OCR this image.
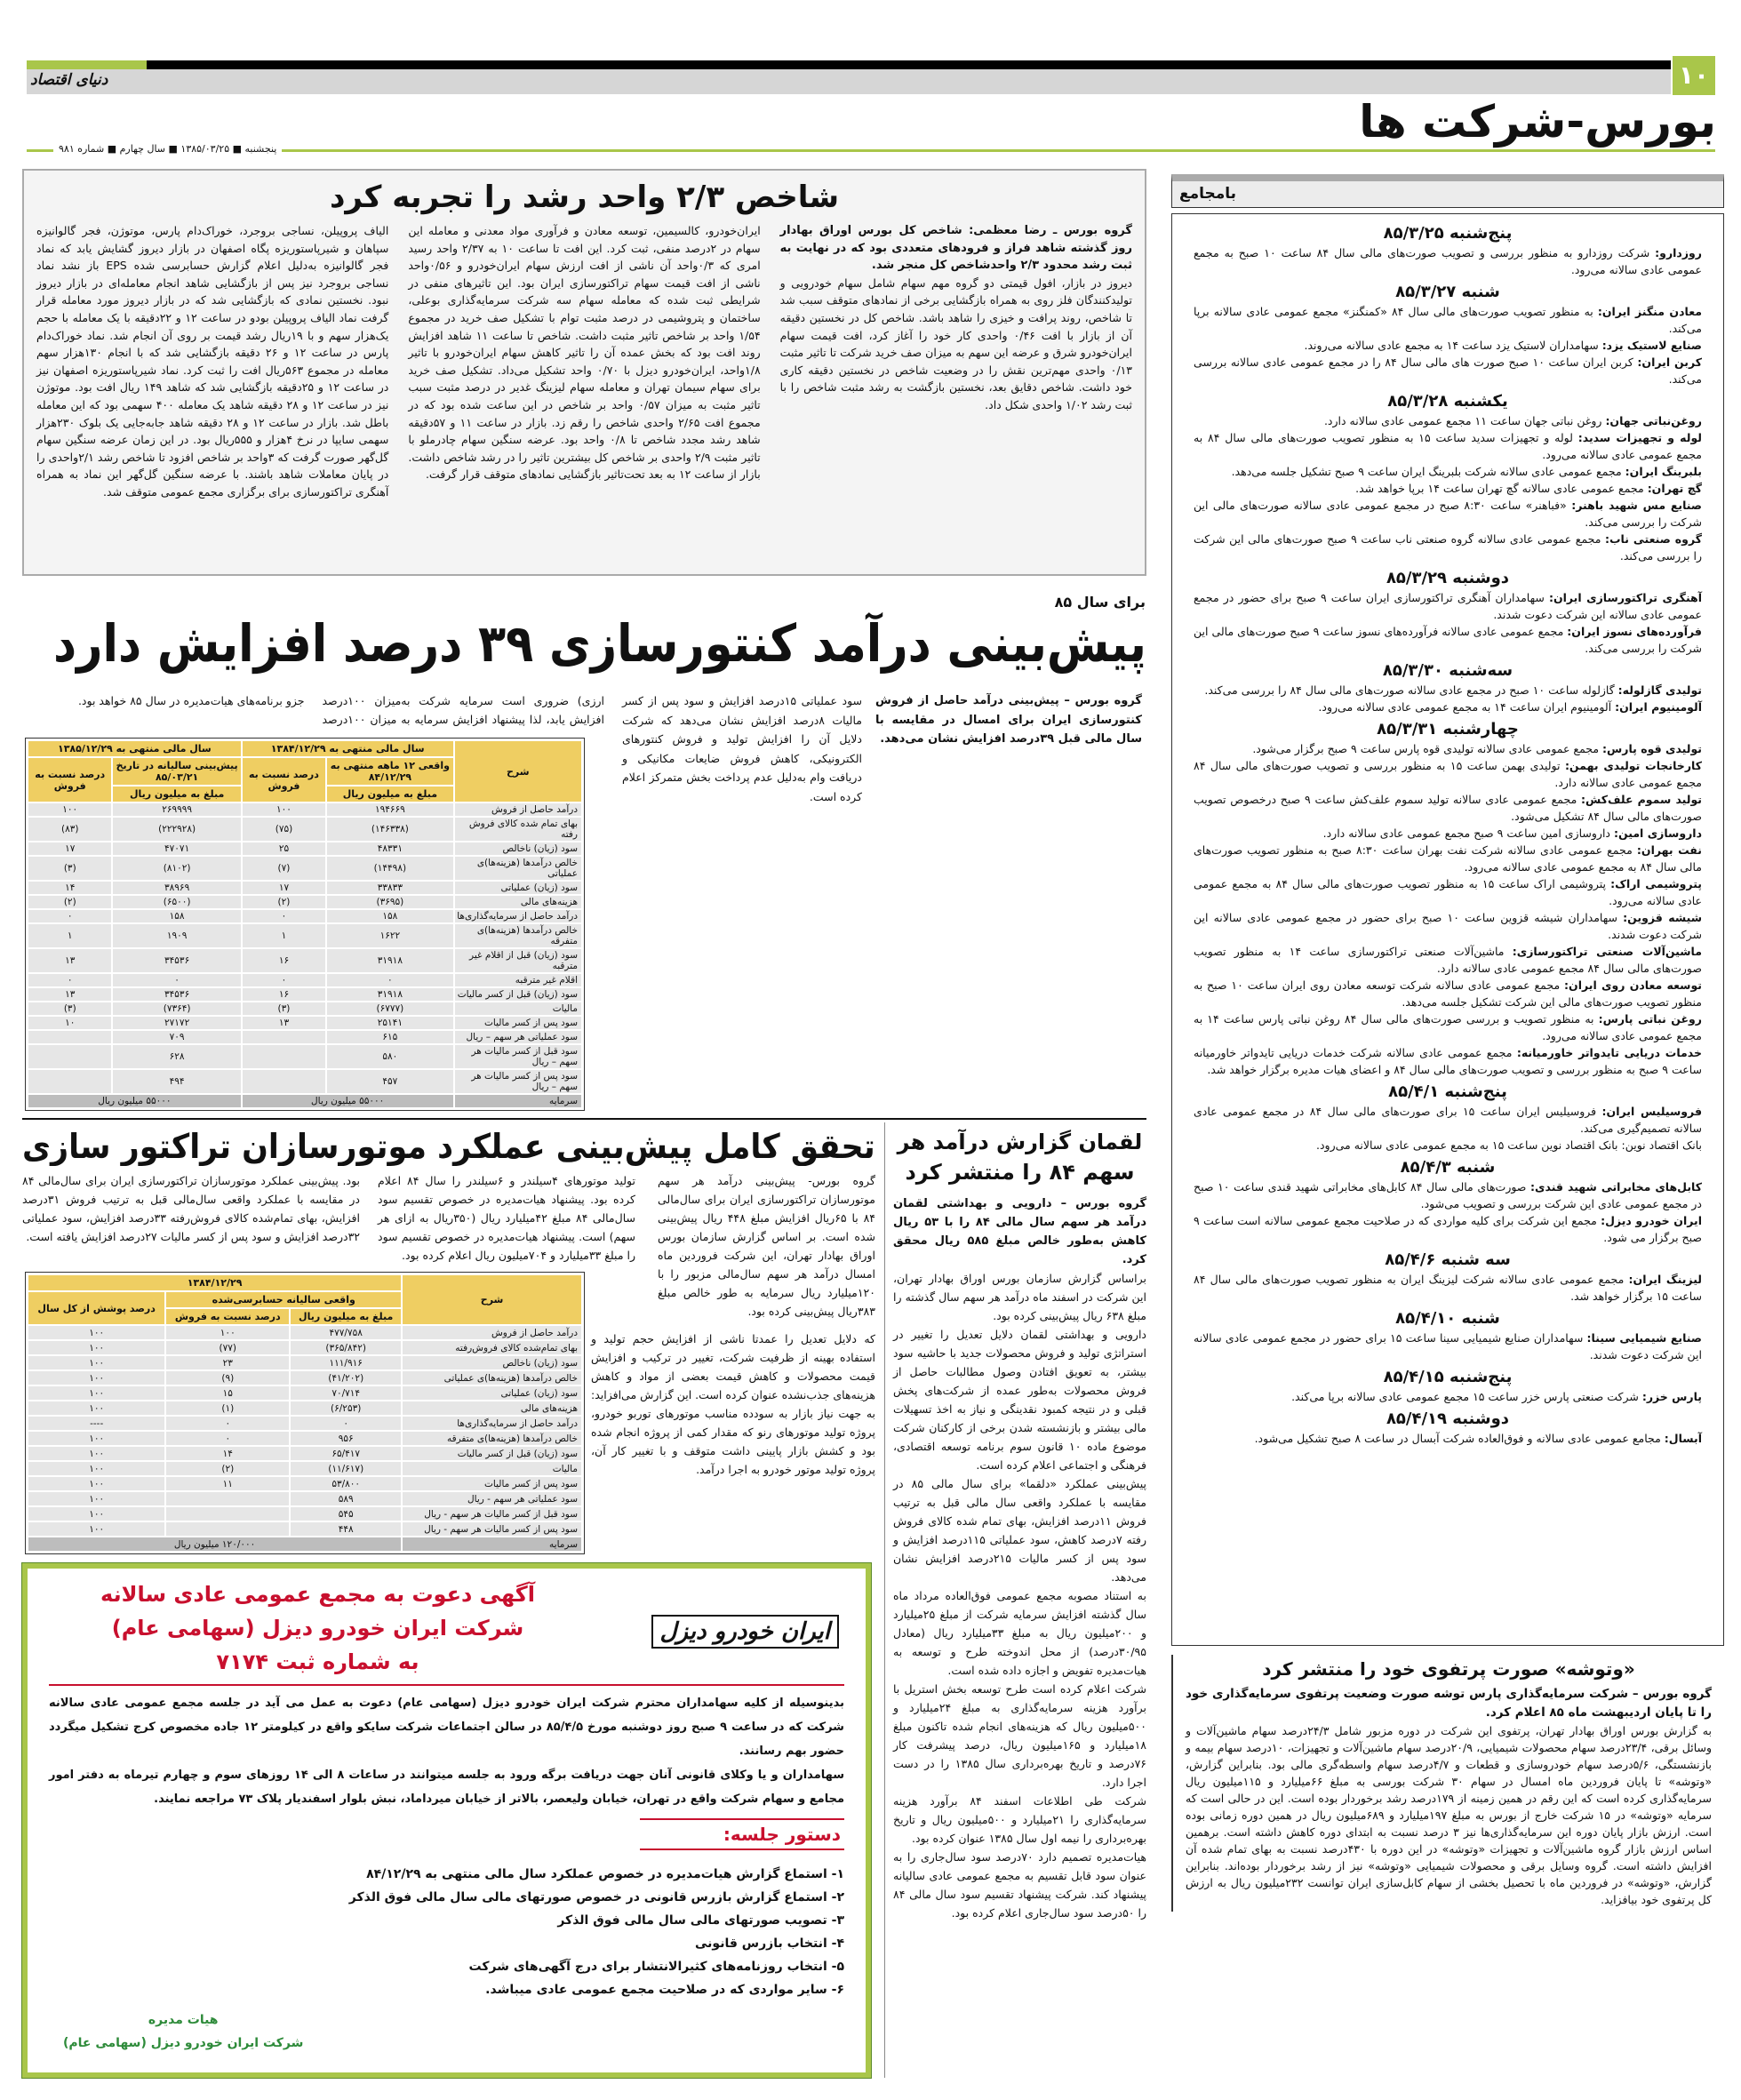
دنیای اقتصاد	۱۰
بورس-شرکت ها
پنجشنبه ■ ۱۳۸۵/۰۳/۲۵ ■ سال چهارم ■ شماره ۹۸۱
بامجامع
پنج‌شنبه ۸۵/۳/۲۵

روزدارو: شرکت روزدارو به منظور بررسی و تصویب صورت‌های مالی سال ۸۴ ساعت ۱۰ صبح به مجمع عمومی عادی سالانه می‌رود.

شنبه ۸۵/۳/۲۷

معادن منگنز ایران: به منظور تصویب صورت‌های مالی سال ۸۴ «کمنگنز» مجمع عمومی عادی سالانه برپا می‌کند.

صنایع لاستیک یزد: سهامداران لاستیک یزد ساعت ۱۴ به مجمع عادی سالانه می‌روند.

کربن ایران: کربن ایران ساعت ۱۰ صبح صورت های مالی سال ۸۴ را در مجمع عمومی عادی سالانه بررسی می‌کند.

یکشنبه ۸۵/۳/۲۸

روغن‌نباتی جهان: روغن نباتی جهان ساعت ۱۱ مجمع عمومی عادی سالانه دارد.

لوله و تجهیزات سدید: لوله و تجهیزات سدید ساعت ۱۵ به منظور تصویب صورت‌های مالی سال ۸۴ به مجمع عمومی عادی سالانه می‌رود.

بلبرینگ ایران: مجمع عمومی عادی سالانه شرکت بلبرینگ ایران ساعت ۹ صبح تشکیل جلسه می‌دهد.

گچ تهران: مجمع عمومی عادی سالانه گچ تهران ساعت ۱۴ برپا خواهد شد.

صنایع مس شهید باهنر: «فباهنر» ساعت ۸:۳۰ صبح در مجمع عمومی عادی سالانه صورت‌های مالی این شرکت را بررسی می‌کند.

گروه صنعتی ناب: مجمع عمومی عادی سالانه گروه صنعتی ناب ساعت ۹ صبح صورت‌های مالی این شرکت را بررسی می‌کند.

دوشنبه ۸۵/۳/۲۹

آهنگری تراکتورسازی ایران: سهامداران آهنگری تراکتورسازی ایران ساعت ۹ صبح برای حضور در مجمع عمومی عادی سالانه این شرکت دعوت شدند.

فرآورده‌های نسوز ایران: مجمع عمومی عادی سالانه فرآورده‌های نسوز ساعت ۹ صبح صورت‌های مالی این شرکت را بررسی می‌کند.

سه‌شنبه ۸۵/۳/۳۰

تولیدی گازلوله: گازلوله ساعت ۱۰ صبح در مجمع عادی سالانه صورت‌های مالی سال ۸۴ را بررسی می‌کند.

آلومینیوم ایران: آلومینیوم ایران ساعت ۱۴ به مجمع عمومی عادی سالانه می‌رود.

چهارشنبه ۸۵/۳/۳۱

تولیدی قوه پارس: مجمع عمومی عادی سالانه تولیدی قوه پارس ساعت ۹ صبح برگزار می‌شود.

کارخانجات تولیدی بهمن: تولیدی بهمن ساعت ۱۵ به منظور بررسی و تصویب صورت‌های مالی سال ۸۴ مجمع عمومی عادی سالانه دارد.

تولید سموم علف‌کش: مجمع عمومی عادی سالانه تولید سموم علف‌کش ساعت ۹ صبح درخصوص تصویب صورت‌های مالی سال ۸۴ تشکیل می‌شود.

داروسازی امین: داروسازی امین ساعت ۹ صبح مجمع عمومی عادی سالانه دارد.

نفت بهران: مجمع عمومی عادی سالانه شرکت نفت بهران ساعت ۸:۳۰ صبح به منظور تصویب صورت‌های مالی سال ۸۴ به مجمع عمومی عادی سالانه می‌رود.

پتروشیمی اراک: پتروشیمی اراک ساعت ۱۵ به منظور تصویب صورت‌های مالی سال ۸۴ به مجمع عمومی عادی سالانه می‌رود.

شیشه قزوین: سهامداران شیشه قزوین ساعت ۱۰ صبح برای حضور در مجمع عمومی عادی سالانه این شرکت دعوت شدند.

ماشین‌آلات صنعتی تراکتورسازی: ماشین‌آلات صنعتی تراکتورسازی ساعت ۱۴ به منظور تصویب صورت‌های مالی سال ۸۴ مجمع عمومی عادی سالانه دارد.

توسعه معادن روی ایران: مجمع عمومی عادی سالانه شرکت توسعه معادن روی ایران ساعت ۱۰ صبح به منظور تصویب صورت‌های مالی این شرکت تشکیل جلسه می‌دهد.

روغن نباتی پارس: به منظور تصویب و بررسی صورت‌های مالی سال ۸۴ روغن نباتی پارس ساعت ۱۴ به مجمع عمومی عادی سالانه می‌رود.

خدمات دریایی تایدواتر خاورمیانه: مجمع عمومی عادی سالانه شرکت خدمات دریایی تایدواتر خاورمیانه ساعت ۹ صبح به منظور بررسی و تصویب صورت‌های مالی سال ۸۴ و اعضای هیات مدیره برگزار خواهد شد.

پنج‌شنبه ۸۵/۴/۱

فروسیلیس ایران: فروسیلیس ایران ساعت ۱۵ برای صورت‌های مالی سال ۸۴ در مجمع عمومی عادی سالانه تصمیم‌گیری می‌کند.

بانک اقتصاد نوین: بانک اقتصاد نوین ساعت ۱۵ به مجمع عمومی عادی سالانه می‌رود.

شنبه ۸۵/۴/۳

کابل‌های مخابراتی شهید قندی: صورت‌های مالی سال ۸۴ کابل‌های مخابراتی شهید قندی ساعت ۱۰ صبح در مجمع عمومی عادی این شرکت بررسی و تصویب می‌شود.

ایران خودرو دیزل: مجمع این شرکت برای کلیه مواردی که در صلاحیت مجمع عمومی سالانه است ساعت ۹ صبح برگزار می شود.

سه شنبه ۸۵/۴/۶

لیزینگ ایران: مجمع عمومی عادی سالانه شرکت لیزینگ ایران به منظور تصویب صورت‌های مالی سال ۸۴ ساعت ۱۵ برگزار خواهد شد.

شنبه ۸۵/۴/۱۰

صنایع شیمیایی سینا: سهامداران صنایع شیمیایی سینا ساعت ۱۵ برای حضور در مجمع عمومی عادی سالانه این شرکت دعوت شدند.

پنج‌شنبه ۸۵/۴/۱۵

پارس خزر: شرکت صنعتی پارس خزر ساعت ۱۵ مجمع عمومی عادی سالانه برپا می‌کند.

دوشنبه ۸۵/۴/۱۹

آبسال: مجامع عمومی عادی سالانه و فوق‌العاده شرکت آبسال در ساعت ۸ صبح تشکیل می‌شود.

«وتوشه» صورت پرتفوی خود را منتشر کرد

گروه بورس – شرکت سرمایه‌گذاری پارس توشه صورت وضعیت پرتفوی سرمایه‌گذاری خود را تا پایان اردیبهشت ماه ۸۵ اعلام کرد.

به گزارش بورس اوراق بهادار تهران، پرتفوی این شرکت در دوره مزبور شامل ۲۴/۳درصد سهام ماشین‌آلات و وسائل برقی، ۲۳/۴درصد سهام محصولات شیمیایی، ۲۰/۹درصد سهام ماشین‌آلات و تجهیزات، ۱۰درصد سهام بیمه و بازنشستگی، ۵/۶درصد سهام خودروسازی و قطعات و ۴/۷درصد سهام واسطه‌گری مالی بود. بنابراین گزارش، «وتوشه» تا پایان فروردین ماه امسال در سهام ۳۰ شرکت بورسی به مبلغ ۶۶میلیارد و ۱۱۵میلیون ریال سرمایه‌گذاری کرده است که این رقم در همین زمینه از ۱۷۹درصد رشد برخوردار بوده است. این در حالی است که سرمایه «وتوشه» در ۱۵ شرکت خارج از بورس به مبلغ ۱۹۷میلیارد و ۶۸۹میلیون ریال در همین دوره زمانی بوده است. ارزش بازار پایان دوره این سرمایه‌گذاری‌ها نیز ۳ درصد نسبت به ابتدای دوره کاهش داشته است. برهمین اساس ارزش بازار گروه ماشین‌آلات و تجهیزات «وتوشه» در این دوره با ۴۳۰درصد نسبت به بهای تمام شده آن افزایش داشته است. گروه وسایل برقی و محصولات شیمیایی «وتوشه» نیز از رشد برخوردار بوده‌اند. بنابراین گزارش، «وتوشه» در فروردین ماه با تحصیل بخشی از سهام کابل‌سازی ایران توانست ۲۳۲میلیون ریال به ارزش کل پرتفوی خود بیافزاید.

شاخص ۲/۳ واحد رشد را تجربه کرد

گروه بورس ـ رضا معظمی: شاخص کل بورس اوراق بهادار روز گذشته شاهد فراز و فرودهای متعددی بود که در نهایت به ثبت رشد محدود ۲/۳ واحدشاخص کل منجر شد.

دیروز در بازار، افول قیمتی دو گروه مهم سهام شامل سهام خودرویی و تولیدکنندگان فلز روی به همراه بازگشایی برخی از نمادهای متوقف سبب شد تا شاخص، روند پرافت و خیزی را شاهد باشد. شاخص کل در نخستین دقیقه آن از بازار با افت ۰/۴۶ واحدی کار خود را آغاز کرد، افت قیمت سهام ایران‌خودرو شرق و عرضه این سهم به میزان صف خرید شرکت تا تاثیر مثبت ۰/۱۳ واحدی مهم‌ترین نقش را در وضعیت شاخص در نخستین دقیقه کاری خود داشت. شاخص دقایق بعد، نخستین بازگشت به رشد مثبت شاخص را با ثبت رشد ۱/۰۲ واحدی شکل داد.

ایران‌خودرو، کالسیمین، توسعه معادن و فرآوری مواد معدنی و معامله این سهام در ۲درصد منفی، ثبت کرد. این افت تا ساعت ۱۰ به ۲/۳۷ واحد رسید امری که ۰/۳واحد آن ناشی از افت ارزش سهام ایران‌خودرو و ۰/۵۶واحد ناشی از افت قیمت سهام تراکتورسازی ایران بود. این تاثیرهای منفی در شرایطی ثبت شده که معامله سهام سه شرکت سرمایه‌گذاری بوعلی، ساختمان و پتروشیمی در درصد مثبت توام با تشکیل صف خرید در مجموع ۱/۵۴ واحد بر شاخص تاثیر مثبت داشت. شاخص تا ساعت ۱۱ شاهد افزایش روند افت بود که بخش عمده آن را تاثیر کاهش سهام ایران‌خودرو با تاثیر ۱/۸واحد، ایران‌خودرو دیزل با ۰/۷۰ واحد تشکیل می‌داد. تشکیل صف خرید برای سهام سیمان تهران و معامله سهام لیزینگ غدیر در درصد مثبت سبب تاثیر مثبت به میزان ۰/۵۷ واحد بر شاخص در این ساعت شده بود که در مجموع افت ۲/۶۵ واحدی شاخص را رقم زد. بازار در ساعت ۱۱ و ۵۷دقیقه شاهد رشد مجدد شاخص تا ۰/۸ واحد بود. عرضه سنگین سهام چادرملو با تاثیر مثبت ۲/۹ واحدی بر شاخص کل بیشترین تاثیر را در رشد شاخص داشت. بازار از ساعت ۱۲ به بعد تحت‌تاثیر بازگشایی نمادهای متوقف قرار گرفت.

الیاف پروپیلن، نساجی بروجرد، خوراک‌دام پارس، موتوژن، فجر گالوانیزه سپاهان و شیرپاستوریزه پگاه اصفهان در بازار دیروز گشایش یابد که نماد فجر گالوانیزه به‌دلیل اعلام گزارش حسابرسی شده EPS باز نشد نماد نساجی بروجرد نیز پس از بازگشایی شاهد انجام معامله‌ای در بازار دیروز نبود. نخستین نمادی که بازگشایی شد که در بازار دیروز مورد معامله قرار گرفت نماد الیاف پروپیلن بودو در ساعت ۱۲ و ۲۲دقیقه با یک معامله با حجم یک‌هزار سهم و با ۱۹ریال رشد قیمت بر روی آن انجام شد. نماد خوراک‌دام پارس در ساعت ۱۲ و ۲۶ دقیقه بازگشایی شد که با انجام ۱۳۰هزار سهم معامله در مجموع ۵۶۳ریال افت را ثبت کرد. نماد شیرپاستوریزه اصفهان نیز در ساعت ۱۲ و ۲۵دقیقه بازگشایی شد که شاهد ۱۴۹ ریال افت بود. موتوژن نیز در ساعت ۱۲ و ۲۸ دقیقه شاهد یک معامله ۴۰۰ سهمی بود که این معامله باطل شد. بازار در ساعت ۱۲ و ۲۸ دقیقه شاهد جابه‌جایی یک بلوک ۲۳۰هزار سهمی سایپا در نرخ ۴هزار و ۵۵۵ریال بود. در این زمان عرضه سنگین سهام گل‌گهر صورت گرفت که ۳واحد بر شاخص افزود تا شاخص رشد ۲/۱واحدی را در پایان معاملات شاهد باشند. با عرضه سنگین گل‌گهر این نماد به همراه آهنگری تراکتورسازی برای برگزاری مجمع عمومی متوقف شد.

برای سال ۸۵
پیش‌بینی درآمد کنتورسازی ۳۹ درصد افزایش دارد
گروه بورس – پیش‌بینی درآمد حاصل از فروش کنتورسازی ایران برای امسال در مقایسه با سال مالی قبل ۳۹درصد افزایش نشان می‌دهد.
سود عملیاتی ۱۵درصد افزایش و سود پس از کسر مالیات ۸درصد افزایش نشان می‌دهد که شرکت دلایل آن را افزایش تولید و فروش کنتورهای الکترونیکی، کاهش فروش ضایعات مکانیکی و دریافت وام به‌دلیل عدم پرداخت بخش متمرکز اعلام کرده است.
ارزی) ضروری است سرمایه شرکت به‌میزان ۱۰۰درصد افزایش یابد، لذا پیشنهاد افزایش سرمایه به میزان ۱۰۰درصد جزو برنامه‌های هیات‌مدیره در سال ۸۵ خواهد بود.
شرح	سال مالی منتهی به ۱۳۸۴/۱۲/۲۹		سال مالی منتهی به ۱۳۸۵/۱۲/۲۹	
	واقعی ۱۲ ماهه منتهی به ۸۴/۱۲/۲۹	درصد نسبت به فروش	پیش‌بینی سالیانه در تاریخ ۸۵/۰۳/۲۱	درصد نسبت به فروش
	مبلغ به میلیون ریال		مبلغ به میلیون ریال	
درآمد حاصل از فروش	۱۹۴۶۶۹	۱۰۰	۲۶۹۹۹۹	۱۰۰
بهای تمام شده کالای فروش رفته	(۱۴۶۳۳۸)	(۷۵)	(۲۲۲۹۲۸)	(۸۳)
سود (زیان) ناخالص	۴۸۳۳۱	۲۵	۴۷۰۷۱	۱۷
خالص درآمدها (هزینه‌ها)ی عملیاتی	(۱۴۴۹۸)	(۷)	(۸۱۰۲)	(۳)
سود (زیان) عملیاتی	۳۳۸۳۳	۱۷	۳۸۹۶۹	۱۴
هزینه‌های مالی	(۳۶۹۵)	(۲)	(۶۵۰۰)	(۲)
درآمد حاصل از سرمایه‌گذاری‌ها	۱۵۸	۰	۱۵۸	۰
خالص درآمدها (هزینه‌ها)ی متفرقه	۱۶۲۲	۱	۱۹۰۹	۱
سود (زیان) قبل از اقلام غیر مترقبه	۳۱۹۱۸	۱۶	۳۴۵۳۶	۱۳
اقلام غیر مترقبه	۰	۰	۰	۰
سود (زیان) قبل از کسر مالیات	۳۱۹۱۸	۱۶	۳۴۵۳۶	۱۳
مالیات	(۶۷۷۷)	(۳)	(۷۳۶۴)	(۳)
سود پس از کسر مالیات	۲۵۱۴۱	۱۳	۲۷۱۷۲	۱۰
سود عملیاتی هر سهم – ریال	۶۱۵		۷۰۹	
سود قبل از کسر مالیات هر سهم – ریال	۵۸۰		۶۲۸	
سود پس از کسر مالیات هر سهم – ریال	۴۵۷		۴۹۴	
سرمایه	۵۵۰۰۰ میلیون ریال		۵۵۰۰۰ میلیون ریال	
تحقق کامل پیش‌بینی عملکرد موتورسازان تراکتور سازی
گروه بورس- پیش‌بینی درآمد هر سهم موتورسازان تراکتورسازی ایران برای سال‌مالی ۸۴ با ۶۵ریال افزایش مبلغ ۴۴۸ ریال پیش‌بینی شده است. بر اساس گزارش سازمان بورس اوراق بهادار تهران، این شرکت فروردین ماه امسال درآمد هر سهم سال‌مالی مزبور را با ۱۲۰میلیارد ریال سرمایه به طور خالص مبلغ ۳۸۳ریال پیش‌بینی کرده بود.
تولید موتورهای ۴سیلندر و ۶سیلندر را سال ۸۴ اعلام کرده بود. پیشنهاد هیات‌مدیره در خصوص تقسیم سود سال‌مالی ۸۴ مبلغ ۴۲میلیارد ریال (۳۵۰ریال به ازای هر سهم) است. پیشنهاد هیات‌مدیره در خصوص تقسیم سود را مبلغ ۳۳میلیارد و ۷۰۴میلیون ریال اعلام کرده بود.
بود. پیش‌بینی عملکرد موتورسازان تراکتورسازی ایران برای سال‌مالی ۸۴ در مقایسه با عملکرد واقعی سال‌مالی قبل به ترتیب فروش ۳۱درصد افزایش، بهای تمام‌شده کالای فروش‌رفته ۳۳درصد افزایش، سود عملیاتی ۳۲درصد افزایش و سود پس از کسر مالیات ۲۷درصد افزایش یافته است.
که دلایل تعدیل را عمدتا ناشی از افزایش حجم تولید و استفاده بهینه از ظرفیت شرکت، تغییر در ترکیب و افزایش قیمت محصولات و کاهش قیمت بعضی از مواد و کاهش هزینه‌های جذب‌نشده عنوان کرده است. این گزارش می‌افزاید: به جهت نیاز بازار به سودده مناسب موتورهای توربو خودرو، پروژه تولید موتورهای رنو که مقدار کمی از پروژه انجام شده بود و کشش بازار پایینی داشت متوقف و با تغییر کار آن، پروژه تولید موتور خودرو به اجرا درآمد.
شرح	۱۳۸۴/۱۲/۲۹		
	واقعی سالیانه حسابرسی‌شده		درصد پوشش از کل سال
	مبلغ به میلیون ریال	درصد نسبت به فروش	
درآمد حاصل از فروش	۴۷۷/۷۵۸	۱۰۰	۱۰۰
بهای تمام‌شده کالای فروش‌رفته	(۳۶۵/۸۴۲)	(۷۷)	۱۰۰
سود (زیان) ناخالص	۱۱۱/۹۱۶	۲۳	۱۰۰
خالص درآمدها (هزینه‌ها)ی عملیاتی	(۴۱/۲۰۲)	(۹)	۱۰۰
سود (زیان) عملیاتی	۷۰/۷۱۴	۱۵	۱۰۰
هزینه‌های مالی	(۶/۲۵۳)	(۱)	۱۰۰
درآمد حاصل از سرمایه‌گذاری‌ها	۰	۰	----
خالص درآمدها (هزینه‌ها)ی متفرقه	۹۵۶	۰	۱۰۰
سود (زیان) قبل از کسر مالیات	۶۵/۴۱۷	۱۴	۱۰۰
مالیات	(۱۱/۶۱۷)	(۲)	۱۰۰
سود پس از کسر مالیات	۵۳/۸۰۰	۱۱	۱۰۰
سود عملیاتی هر سهم - ریال	۵۸۹		۱۰۰
سود قبل از کسر مالیات هر سهم - ریال	۵۴۵		۱۰۰
سود پس از کسر مالیات هر سهم - ریال	۴۴۸		۱۰۰
سرمایه	۱۲۰/۰۰۰ میلیون ریال		
لقمان گزارش درآمد هر سهم ۸۴ را منتشر کرد

گروه بورس – دارویی و بهداشتی لقمان درآمد هر سهم سال مالی ۸۴ را با ۵۳ ریال کاهش به‌طور خالص مبلغ ۵۸۵ ریال محقق کرد.

براساس گزارش سازمان بورس اوراق بهادار تهران، این شرکت در اسفند ماه درآمد هر سهم سال گذشته را مبلغ ۶۳۸ ریال پیش‌بینی کرده بود.

دارویی و بهداشتی لقمان دلایل تعدیل را تغییر در استراتژی تولید و فروش محصولات جدید با حاشیه سود بیشتر، به تعویق افتادن وصول مطالبات حاصل از فروش محصولات به‌طور عمده از شرکت‌های پخش قبلی و در نتیجه کمبود نقدینگی و نیاز به اخذ تسهیلات مالی بیشتر و بازنشسته شدن برخی از کارکنان شرکت موضوع ماده ۱۰ قانون سوم برنامه توسعه اقتصادی، فرهنگی و اجتماعی اعلام کرده است.

پیش‌بینی عملکرد «دلقما» برای سال مالی ۸۵ در مقایسه با عملکرد واقعی سال مالی قبل به ترتیب فروش ۱۱درصد افزایش، بهای تمام شده کالای فروش رفته ۷درصد کاهش، سود عملیاتی ۱۱۵درصد افزایش و سود پس از کسر مالیات ۲۱۵درصد افزایش نشان می‌دهد.

به استناد مصوبه مجمع عمومی فوق‌العاده مرداد ماه سال گذشته افزایش سرمایه شرکت از مبلغ ۲۵میلیارد و ۲۰۰میلیون ریال به مبلغ ۳۳میلیارد ریال (معادل ۳۰/۹۵درصد) از محل اندوخته طرح و توسعه به هیات‌مدیره تفویض و اجازه داده شده است.

شرکت اعلام کرده است طرح توسعه بخش استریل با برآورد هزینه سرمایه‌گذاری به مبلغ ۲۴میلیارد و ۵۰۰میلیون ریال که هزینه‌های انجام شده تاکنون مبلغ ۱۸میلیارد و ۱۶۵میلیون ریال، درصد پیشرفت کار ۷۶درصد و تاریخ بهره‌برداری سال ۱۳۸۵ را در دست اجرا دارد.

شرکت طی اطلاعات اسفند ۸۴ برآورد هزینه سرمایه‌گذاری را ۲۱میلیارد و ۵۰۰میلیون ریال و تاریخ بهره‌برداری را نیمه اول سال ۱۳۸۵ عنوان کرده بود.

هیات‌مدیره تصمیم دارد ۷۰درصد سود سال‌جاری را به عنوان سود قابل تقسیم به مجمع عمومی عادی سالیانه پیشنهاد کند. شرکت پیشنهاد تقسیم سود سال مالی ۸۴ را ۵۰درصد سود سال‌جاری اعلام کرده بود.

ایران خودرو دیزل
آگهی دعوت به مجمع عمومی عادی سالانه
شرکت ایران خودرو دیزل (سهامی عام)
به شماره ثبت ۷۱۷۴

بدینوسیله از کلیه سهامداران محترم شرکت ایران خودرو دیزل (سهامی عام) دعوت به عمل می آید در جلسه مجمع عمومی عادی سالانه شرکت که در ساعت ۹ صبح روز دوشنبه مورخ ۸۵/۴/۵ در سالن اجتماعات شرکت سایکو واقع در کیلومتر ۱۲ جاده مخصوص کرج تشکیل میگردد حضور بهم رسانند.

سهامداران و یا وکلای قانونی آنان جهت دریافت برگه ورود به جلسه میتوانند در ساعات ۸ الی ۱۴ روزهای سوم و چهارم تیرماه به دفتر امور مجامع و سهام شرکت واقع در تهران، خیابان ولیعصر، بالاتر از خیابان میرداماد، نبش بلوار اسفندیار پلاک ۷۳ مراجعه نمایند.

دستور جلسه:
۱- استماع گزارش هیات‌مدیره در خصوص عملکرد سال مالی منتهی به ۸۴/۱۲/۲۹
۲- استماع گزارش بازرس قانونی در خصوص صورتهای مالی سال مالی فوق الذکر
۳- تصویب صورتهای مالی سال مالی فوق الذکر
۴- انتخاب بازرس قانونی
۵- انتخاب روزنامه‌های کثیرالانتشار برای درج آگهی‌های شرکت
۶- سایر مواردی که در صلاحیت مجمع عمومی عادی میباشد.
هیات مدیره
شرکت ایران خودرو دیزل (سهامی عام)
